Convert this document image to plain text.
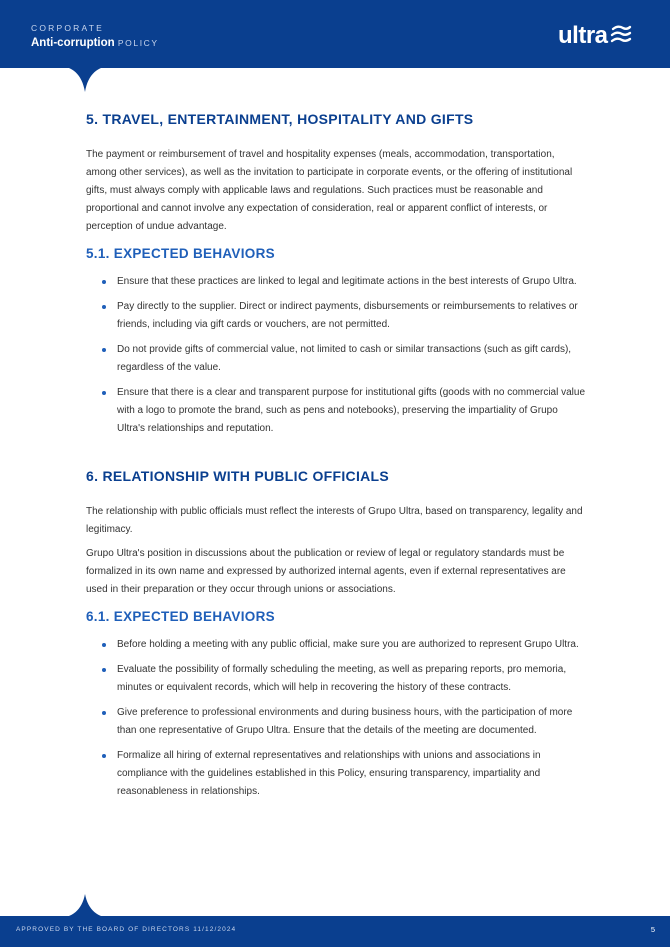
CORPORATE
Anti-corruption POLICY	ultra
5. TRAVEL, ENTERTAINMENT, HOSPITALITY AND GIFTS

The payment or reimbursement of travel and hospitality expenses (meals, accommodation, transportation, among other services), as well as the invitation to participate in corporate events, or the offering of institutional gifts, must always comply with applicable laws and regulations. Such practices must be reasonable and proportional and cannot involve any expectation of consideration, real or apparent conflict of interests, or perception of undue advantage.

5.1. EXPECTED BEHAVIORS
Ensure that these practices are linked to legal and legitimate actions in the best interests of Grupo Ultra.
Pay directly to the supplier. Direct or indirect payments, disbursements or reimbursements to relatives or friends, including via gift cards or vouchers, are not permitted.
Do not provide gifts of commercial value, not limited to cash or similar transactions (such as gift cards), regardless of the value.
Ensure that there is a clear and transparent purpose for institutional gifts (goods with no commercial value with a logo to promote the brand, such as pens and notebooks), preserving the impartiality of Grupo Ultra's relationships and reputation.
6. RELATIONSHIP WITH PUBLIC OFFICIALS

The relationship with public officials must reflect the interests of Grupo Ultra, based on transparency, legality and legitimacy.

Grupo Ultra's position in discussions about the publication or review of legal or regulatory standards must be formalized in its own name and expressed by authorized internal agents, even if external representatives are used in their preparation or they occur through unions or associations.

6.1. EXPECTED BEHAVIORS
Before holding a meeting with any public official, make sure you are authorized to represent Grupo Ultra.
Evaluate the possibility of formally scheduling the meeting, as well as preparing reports, pro memoria, minutes or equivalent records, which will help in recovering the history of these contracts.
Give preference to professional environments and during business hours, with the participation of more than one representative of Grupo Ultra. Ensure that the details of the meeting are documented.
Formalize all hiring of external representatives and relationships with unions and associations in compliance with the guidelines established in this Policy, ensuring transparency, impartiality and reasonableness in relationships.
APPROVED BY THE BOARD OF DIRECTORS 11/12/2024	5
